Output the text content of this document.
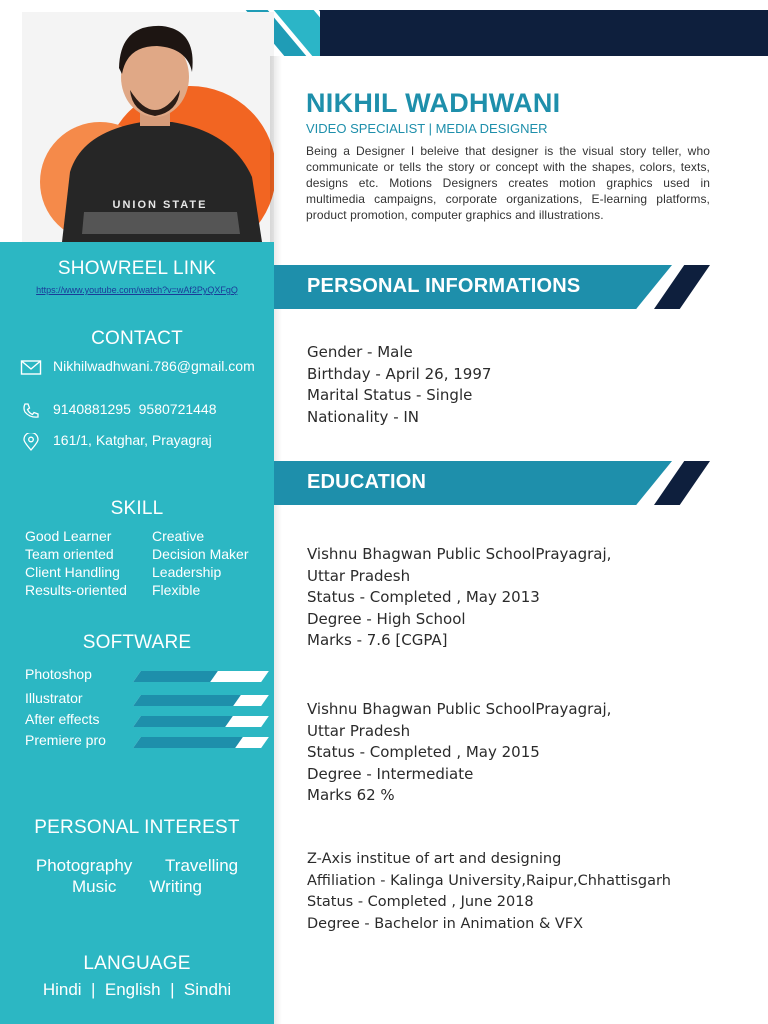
UNION STATE
SHOWREEL LINK
https://www.youtube.com/watch?v=wAf2PyQXFgQ
CONTACT
Nikhilwadhwani.786@gmail.com
9140881295  9580721448
161/1, Katghar, Prayagraj
SKILL
Good Learner	Creative
Team oriented	Decision Maker
Client Handling	Leadership
Results-oriented	Flexible
SOFTWARE
Photoshop
Illustrator
After effects
Premiere pro
PERSONAL INTEREST
Photography       Travelling
Music       Writing
LANGUAGE
Hindi  |  English  |  Sindhi
NIKHIL WADHWANI
VIDEO SPECIALIST | MEDIA DESIGNER
Being a Designer I beleive that designer is the visual story teller, who communicate or tells the story or concept with the shapes, colors, texts, designs etc. Motions Designers creates motion graphics used in multimedia campaigns, corporate organizations, E-learning platforms, product promotion, computer graphics and illustrations.
PERSONAL INFORMATIONS
Gender - Male
Birthday - April 26, 1997
Marital Status - Single
Nationality - IN
EDUCATION
Vishnu Bhagwan Public SchoolPrayagraj,
Uttar Pradesh
Status - Completed , May 2013
Degree - High School
Marks - 7.6 [CGPA]
Vishnu Bhagwan Public SchoolPrayagraj,
Uttar Pradesh
Status - Completed , May 2015
Degree - Intermediate
Marks 62 %
Z-Axis institue of art and designing
Affiliation - Kalinga University,Raipur,Chhattisgarh
Status - Completed , June 2018
Degree - Bachelor in Animation & VFX
